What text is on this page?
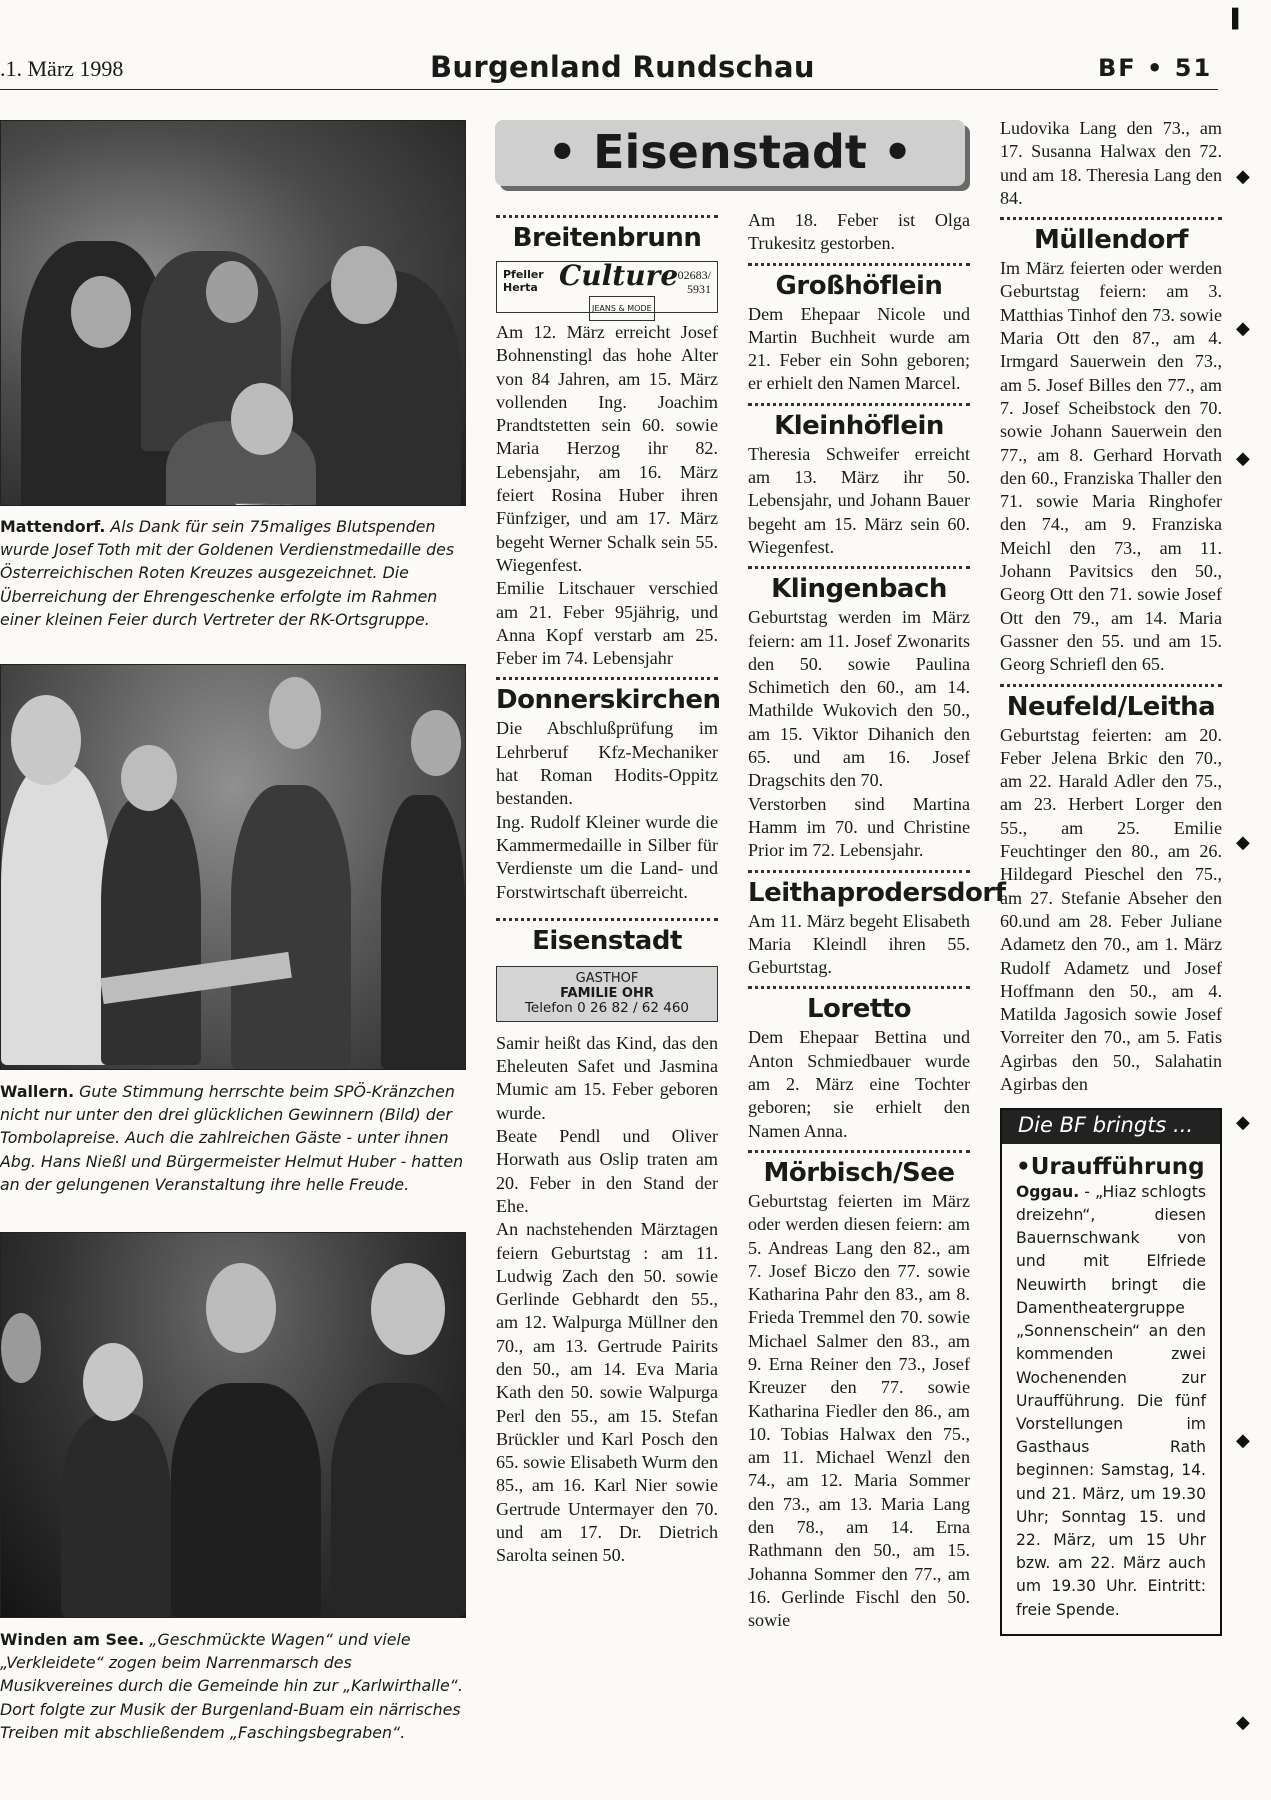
.1. März 1998	Burgenland Rundschau	BF • 51
Mattendorf. Als Dank für sein 75maliges Blutspenden wurde Josef Toth mit der Goldenen Verdienstmedaille des Österreichischen Roten Kreuzes ausgezeichnet. Die Überreichung der Ehrengeschenke erfolgte im Rahmen einer kleinen Feier durch Vertreter der RK-Ortsgruppe.
Wallern. Gute Stimmung herrschte beim SPÖ-Kränzchen nicht nur unter den drei glücklichen Gewinnern (Bild) der Tombolapreise. Auch die zahlreichen Gäste - unter ihnen Abg. Hans Nießl und Bürgermeister Helmut Huber - hatten an der gelungenen Veranstaltung ihre helle Freude.
Winden am See. „Geschmückte Wagen“ und viele „Verkleidete“ zogen beim Narrenmarsch des Musikvereines durch die Gemeinde hin zur „Karlwirthalle“. Dort folgte zur Musik der Burgenland-Buam ein närrisches Treiben mit abschließendem „Faschingsbegraben“.
• Eisenstadt •
Breitenbrunn
Pfeller
Herta Culture
JEANS & MODE
02683/
5931

Am 12. März erreicht Josef Bohnenstingl das hohe Alter von 84 Jahren, am 15. März vollenden Ing. Joachim Prandtstetten sein 60. sowie Maria Herzog ihr 82. Lebensjahr, am 16. März feiert Rosina Huber ihren Fünfziger, und am 17. März begeht Werner Schalk sein 55. Wiegenfest.

Emilie Litschauer verschied am 21. Feber 95jährig, und Anna Kopf verstarb am 25. Feber im 74. Lebensjahr

Donnerskirchen

Die Abschlußprüfung im Lehrberuf Kfz-Mechaniker hat Roman Hodits-Oppitz bestanden.

Ing. Rudolf Kleiner wurde die Kammermedaille in Silber für Verdienste um die Land- und Forstwirtschaft überreicht.

Eisenstadt
GASTHOF
FAMILIE OHR
Telefon 0 26 82 / 62 460

Samir heißt das Kind, das den Eheleuten Safet und Jasmina Mumic am 15. Feber geboren wurde.

Beate Pendl und Oliver Horwath aus Oslip traten am 20. Feber in den Stand der Ehe.

An nachstehenden Märztagen feiern Geburtstag : am 11. Ludwig Zach den 50. sowie Gerlinde Gebhardt den 55., am 12. Walpurga Müllner den 70., am 13. Gertrude Pairits den 50., am 14. Eva Maria Kath den 50. sowie Walpurga Perl den 55., am 15. Stefan Brückler und Karl Posch den 65. sowie Elisabeth Wurm den 85., am 16. Karl Nier sowie Gertrude Untermayer den 70. und am 17. Dr. Dietrich Sarolta seinen 50.

Am 18. Feber ist Olga Trukesitz gestorben.

Großhöflein

Dem Ehepaar Nicole und Martin Buchheit wurde am 21. Feber ein Sohn geboren; er erhielt den Namen Marcel.

Kleinhöflein

Theresia Schweifer erreicht am 13. März ihr 50. Lebensjahr, und Johann Bauer begeht am 15. März sein 60. Wiegenfest.

Klingenbach

Geburtstag werden im März feiern: am 11. Josef Zwonarits den 50. sowie Paulina Schimetich den 60., am 14. Mathilde Wukovich den 50., am 15. Viktor Dihanich den 65. und am 16. Josef Dragschits den 70.

Verstorben sind Martina Hamm im 70. und Christine Prior im 72. Lebensjahr.

Leithaprodersdorf

Am 11. März begeht Elisabeth Maria Kleindl ihren 55. Geburtstag.

Loretto

Dem Ehepaar Bettina und Anton Schmiedbauer wurde am 2. März eine Tochter geboren; sie erhielt den Namen Anna.

Mörbisch/See

Geburtstag feierten im März oder werden diesen feiern: am 5. Andreas Lang den 82., am 7. Josef Biczo den 77. sowie Katharina Pahr den 83., am 8. Frieda Tremmel den 70. sowie Michael Salmer den 83., am 9. Erna Reiner den 73., Josef Kreuzer den 77. sowie Katharina Fiedler den 86., am 10. Tobias Halwax den 75., am 11. Michael Wenzl den 74., am 12. Maria Sommer den 73., am 13. Maria Lang den 78., am 14. Erna Rathmann den 50., am 15. Johanna Sommer den 77., am 16. Gerlinde Fischl den 50. sowie

Ludovika Lang den 73., am 17. Susanna Halwax den 72. und am 18. Theresia Lang den 84.

Müllendorf

Im März feierten oder werden Geburtstag feiern: am 3. Matthias Tinhof den 73. sowie Maria Ott den 87., am 4. Irmgard Sauerwein den 73., am 5. Josef Billes den 77., am 7. Josef Scheibstock den 70. sowie Johann Sauerwein den 77., am 8. Gerhard Horvath den 60., Franziska Thaller den 71. sowie Maria Ringhofer den 74., am 9. Franziska Meichl den 73., am 11. Johann Pavitsics den 50., Georg Ott den 71. sowie Josef Ott den 79., am 14. Maria Gassner den 55. und am 15. Georg Schriefl den 65.

Neufeld/Leitha

Geburtstag feierten: am 20. Feber Jelena Brkic den 70., am 22. Harald Adler den 75., am 23. Herbert Lorger den 55., am 25. Emilie Feuchtinger den 80., am 26. Hildegard Pieschel den 75., am 27. Stefanie Abseher den 60.und am 28. Feber Juliane Adametz den 70., am 1. März Rudolf Adametz und Josef Hoffmann den 50., am 4. Matilda Jagosich sowie Josef Vorreiter den 70., am 5. Fatis Agirbas den 50., Salahatin Agirbas den

Die BF bringts ...
•Uraufführung
Oggau. - „Hiaz schlogts dreizehn“, diesen Bauernschwank von und mit Elfriede Neuwirth bringt die Damentheatergruppe „Sonnenschein“ an den kommenden zwei Wochenenden zur Uraufführung. Die fünf Vorstellungen im Gasthaus Rath beginnen: Samstag, 14. und 21. März, um 19.30 Uhr; Sonntag 15. und 22. März, um 15 Uhr bzw. am 22. März auch um 19.30 Uhr. Eintritt: freie Spende.
▌
◆
◆
◆
◆
◆
◆
◆
